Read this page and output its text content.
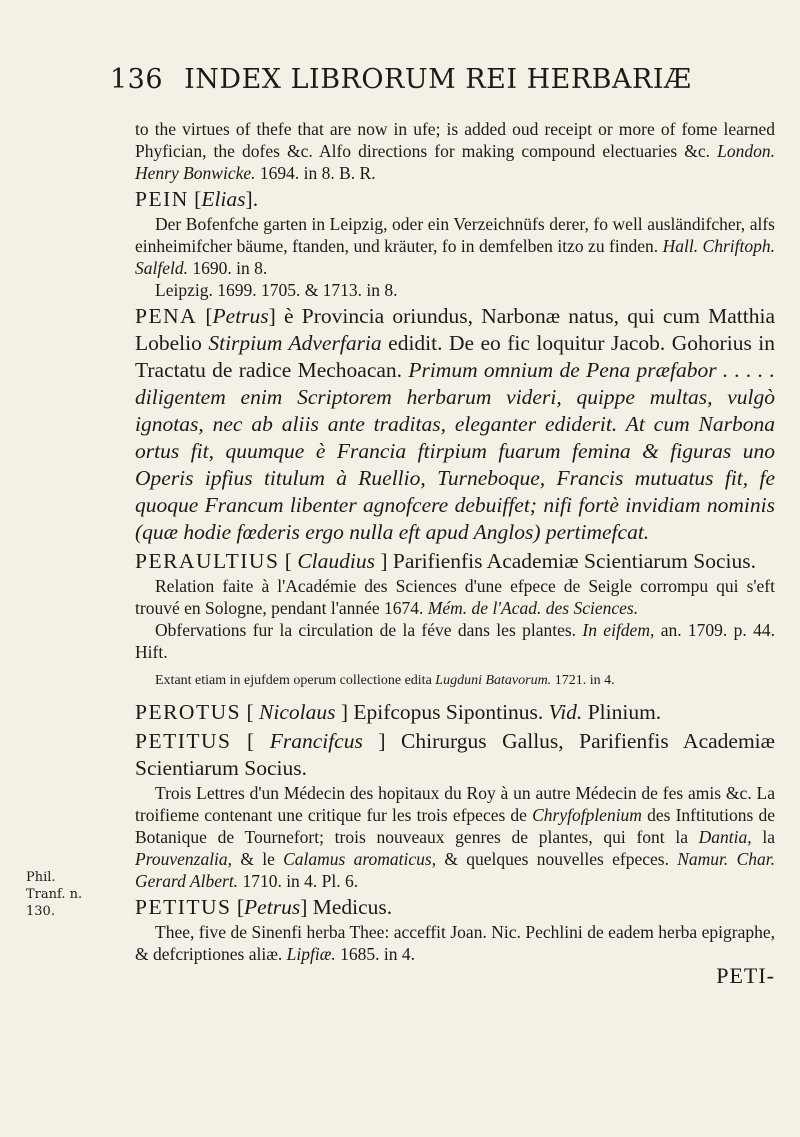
136 INDEX LIBRORUM REI HERBARIÆ
Phil.
Tranf. n.
130.

to the virtues of thefe that are now in ufe; is added oud receipt or more of fome learned Phyfician, the dofes &c. Alfo directions for making compound electuaries &c. London. Henry Bonwicke. 1694. in 8. B. R.

PEIN [Elias].

Der Bofenfche garten in Leipzig, oder ein Verzeichnüfs derer, fo well ausländifcher, alfs einheimifcher bäume, ftanden, und kräuter, fo in demfelben itzo zu finden. Hall. Chriftoph. Salfeld. 1690. in 8.

Leipzig. 1699. 1705. & 1713. in 8.

PENA [Petrus] è Provincia oriundus, Narbonæ natus, qui cum Matthia Lobelio Stirpium Adverfaria edidit. De eo fic loquitur Jacob. Gohorius in Tractatu de radice Mechoacan. Primum omnium de Pena præfabor . . . . . diligentem enim Scriptorem herbarum videri, quippe multas, vulgò ignotas, nec ab aliis ante traditas, eleganter ediderit. At cum Narbona ortus fit, quumque è Francia ftirpium fuarum femina & figuras uno Operis ipfius titulum à Ruellio, Turneboque, Francis mutuatus fit, fe quoque Francum libenter agnofcere debuiffet; nifi fortè invidiam nominis (quæ hodie fœderis ergo nulla eft apud Anglos) pertimefcat.

PERAULTIUS [ Claudius ] Parifienfis Academiæ Scientiarum Socius.

Relation faite à l'Académie des Sciences d'une efpece de Seigle corrompu qui s'eft trouvé en Sologne, pendant l'année 1674. Mém. de l'Acad. des Sciences.

Obfervations fur la circulation de la féve dans les plantes. In eifdem, an. 1709. p. 44. Hift.

Extant etiam in ejufdem operum collectione edita Lugduni Batavorum. 1721. in 4.

PEROTUS [ Nicolaus ] Epifcopus Sipontinus. Vid. Plinium.

PETITUS [ Francifcus ] Chirurgus Gallus, Parifienfis Academiæ Scientiarum Socius.

Trois Lettres d'un Médecin des hopitaux du Roy à un autre Médecin de fes amis &c. La troifieme contenant une critique fur les trois efpeces de Chryfofplenium des Inftitutions de Botanique de Tournefort; trois nouveaux genres de plantes, qui font la Dantia, la Prouvenzalia, & le Calamus aromaticus, & quelques nouvelles efpeces. Namur. Char. Gerard Albert. 1710. in 4. Pl. 6.

PETITUS [Petrus] Medicus.

Thee, five de Sinenfi herba Thee: acceffit Joan. Nic. Pechlini de eadem herba epigraphe, & defcriptiones aliæ. Lipfiæ. 1685. in 4.

PETI-
